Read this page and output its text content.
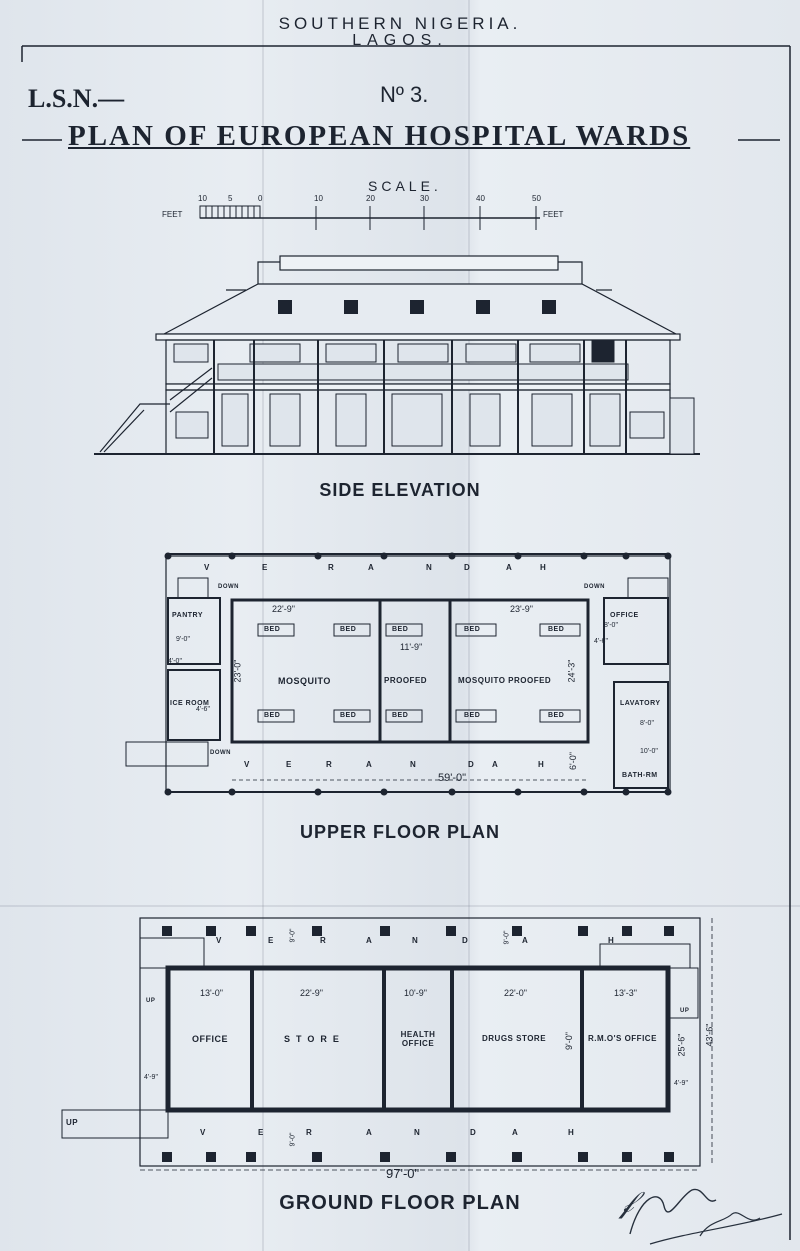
SOUTHERN NIGERIA.
LAGOS.
L.S.N.—	Nº 3.
PLAN OF EUROPEAN HOSPITAL WARDS
SCALE.
FEET	FEET
10	5	0	10	20	30	40	50
SIDE ELEVATION
V	E	R	A	N	D	A	H
V	E	R	A	N	D A	H
PANTRY
ICE ROOM
MOSQUITO	PROOFED	MOSQUITO PROOFED
OFFICE
LAVATORY
BATH-RM
BED	BED	BED	BED	BED
BED	BED	BED	BED	BED
DOWN	DOWN
DOWN
22'-9"
11'-9"
23'-9"
23'-0"	24'-3"
6'-0"
59'-0"
8'-0"
4'-6"
9'-0"
4'-6"
8'-0"
10'-0"
4'-0"
UPPER FLOOR PLAN
V	E	R	A	N	D	A	H
V	E	R	A	N	D	A	H
OFFICE	STORE	HEALTH OFFICE
DRUGS STORE	R.M.O'S OFFICE
UP
UP
UP
13'-0"	22'-9"	10'-9"	22'-0"	13'-3"
9'-0"	25'-6" 43'-6"
4'-9"
4'-9"
97'-0"
9'-0"	9'-0"
9'-0"
GROUND FLOOR PLAN	𝒻
